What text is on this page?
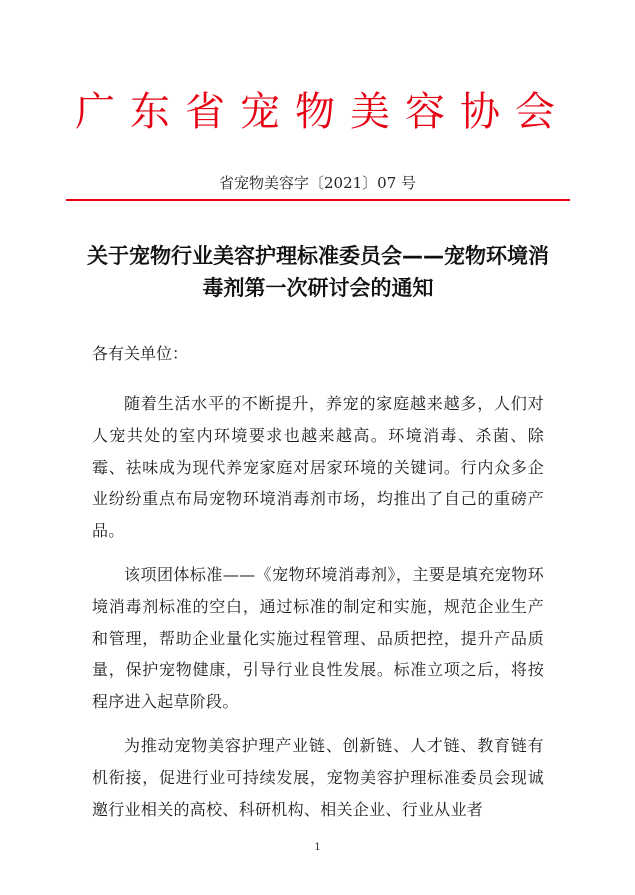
广东省宠物美容协会
省宠物美容字〔2021〕07 号
关于宠物行业美容护理标准委员会——宠物环境消毒剂第一次研讨会的通知
各有关单位：

随着生活水平的不断提升，养宠的家庭越来越多，人们对人宠共处的室内环境要求也越来越高。环境消毒、杀菌、除霉、祛味成为现代养宠家庭对居家环境的关键词。行内众多企业纷纷重点布局宠物环境消毒剂市场，均推出了自己的重磅产品。

该项团体标准——《宠物环境消毒剂》，主要是填充宠物环境消毒剂标准的空白，通过标准的制定和实施，规范企业生产和管理，帮助企业量化实施过程管理、品质把控，提升产品质量，保护宠物健康，引导行业良性发展。标准立项之后，将按程序进入起草阶段。

为推动宠物美容护理产业链、创新链、人才链、教育链有机衔接，促进行业可持续发展，宠物美容护理标准委员会现诚邀行业相关的高校、科研机构、相关企业、行业从业者

1
